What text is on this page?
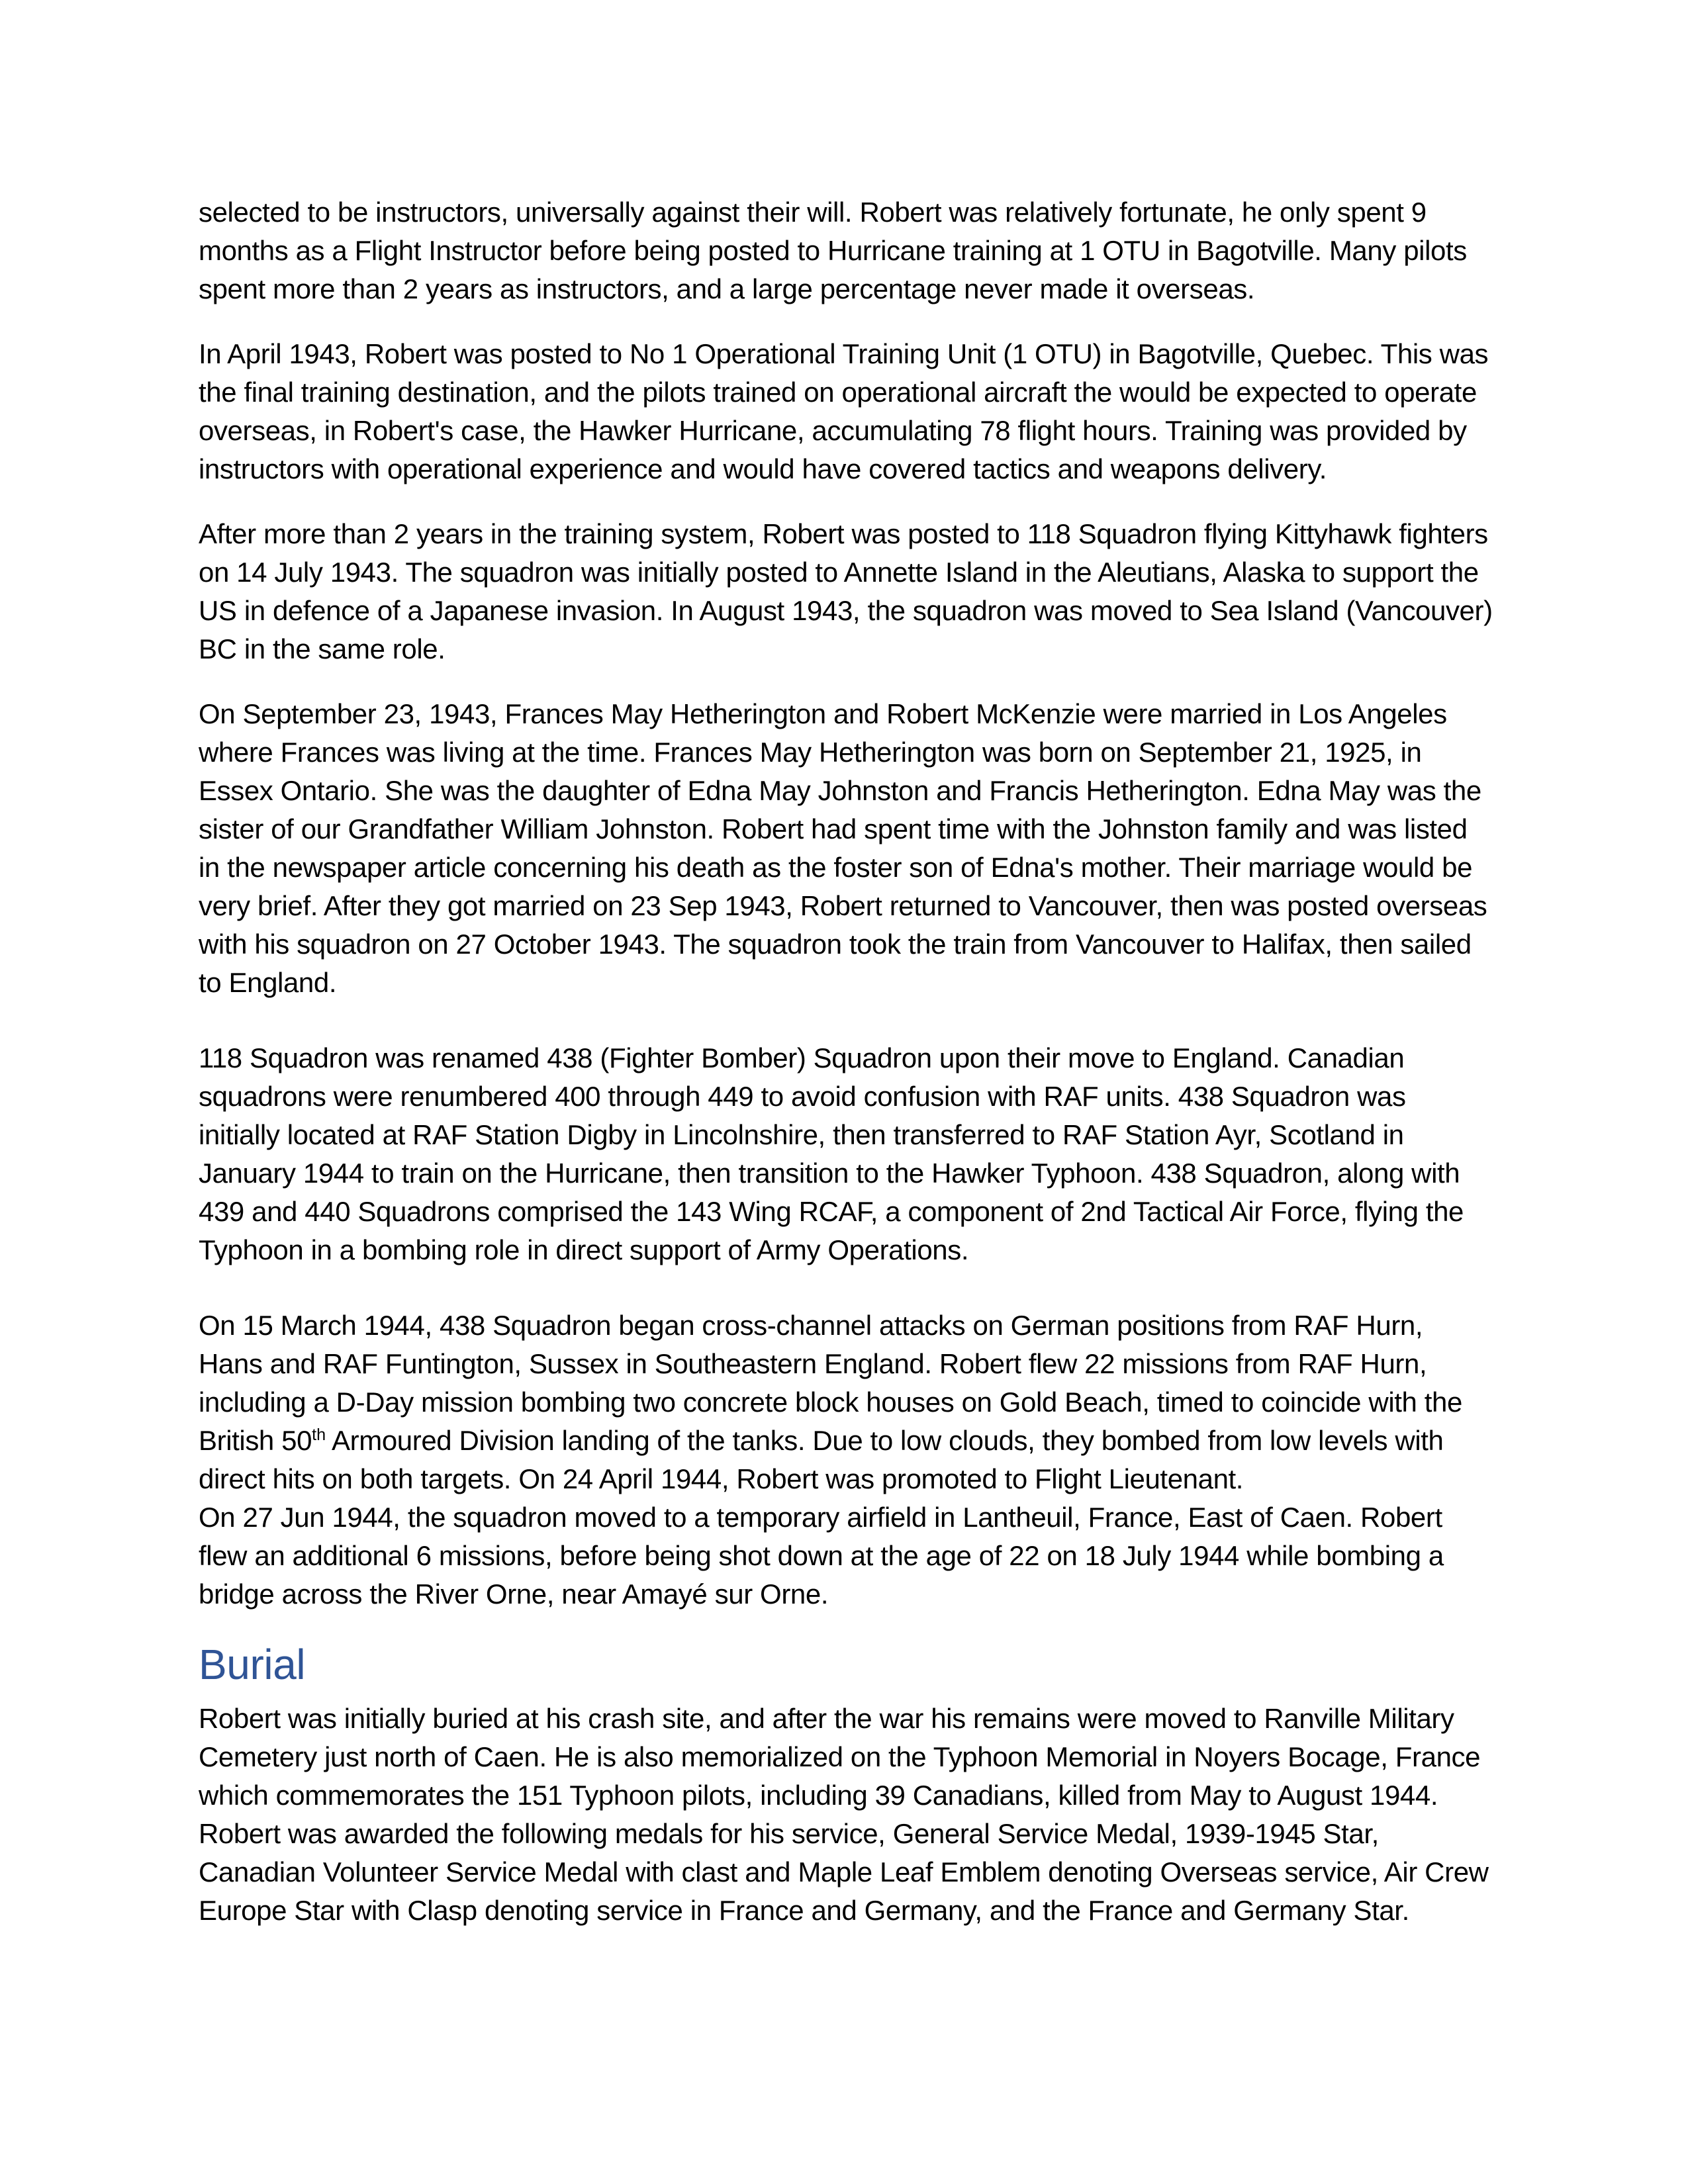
selected to be instructors, universally against their will. Robert was relatively fortunate, he only spent 9 months as a Flight Instructor before being posted to Hurricane training at 1 OTU in Bagotville. Many pilots spent more than 2 years as instructors, and a large percentage never made it overseas.

In April 1943, Robert was posted to No 1 Operational Training Unit (1 OTU) in Bagotville, Quebec. This was the final training destination, and the pilots trained on operational aircraft the would be expected to operate overseas, in Robert's case, the Hawker Hurricane, accumulating 78 flight hours. Training was provided by instructors with operational experience and would have covered tactics and weapons delivery.

After more than 2 years in the training system, Robert was posted to 118 Squadron flying Kittyhawk fighters on 14 July 1943. The squadron was initially posted to Annette Island in the Aleutians, Alaska to support the US in defence of a Japanese invasion. In August 1943, the squadron was moved to Sea Island (Vancouver) BC in the same role.

On September 23, 1943, Frances May Hetherington and Robert McKenzie were married in Los Angeles where Frances was living at the time. Frances May Hetherington was born on September 21, 1925, in Essex Ontario. She was the daughter of Edna May Johnston and Francis Hetherington. Edna May was the sister of our Grandfather William Johnston. Robert had spent time with the Johnston family and was listed in the newspaper article concerning his death as the foster son of Edna's mother. Their marriage would be very brief. After they got married on 23 Sep 1943, Robert returned to Vancouver, then was posted overseas with his squadron on 27 October 1943. The squadron took the train from Vancouver to Halifax, then sailed to England.

118 Squadron was renamed 438 (Fighter Bomber) Squadron upon their move to England. Canadian squadrons were renumbered 400 through 449 to avoid confusion with RAF units. 438 Squadron was initially located at RAF Station Digby in Lincolnshire, then transferred to RAF Station Ayr, Scotland in January 1944 to train on the Hurricane, then transition to the Hawker Typhoon. 438 Squadron, along with 439 and 440 Squadrons comprised the 143 Wing RCAF, a component of 2nd Tactical Air Force, flying the Typhoon in a bombing role in direct support of Army Operations.

On 15 March 1944, 438 Squadron began cross-channel attacks on German positions from RAF Hurn, Hans and RAF Funtington, Sussex in Southeastern England. Robert flew 22 missions from RAF Hurn, including a D-Day mission bombing two concrete block houses on Gold Beach, timed to coincide with the British 50th Armoured Division landing of the tanks. Due to low clouds, they bombed from low levels with direct hits on both targets. On 24 April 1944, Robert was promoted to Flight Lieutenant.
On 27 Jun 1944, the squadron moved to a temporary airfield in Lantheuil, France, East of Caen. Robert flew an additional 6 missions, before being shot down at the age of 22 on 18 July 1944 while bombing a bridge across the River Orne, near Amayé sur Orne.

Burial

Robert was initially buried at his crash site, and after the war his remains were moved to Ranville Military Cemetery just north of Caen. He is also memorialized on the Typhoon Memorial in Noyers Bocage, France which commemorates the 151 Typhoon pilots, including 39 Canadians, killed from May to August 1944. Robert was awarded the following medals for his service, General Service Medal, 1939-1945 Star, Canadian Volunteer Service Medal with clast and Maple Leaf Emblem denoting Overseas service, Air Crew Europe Star with Clasp denoting service in France and Germany, and the France and Germany Star.
